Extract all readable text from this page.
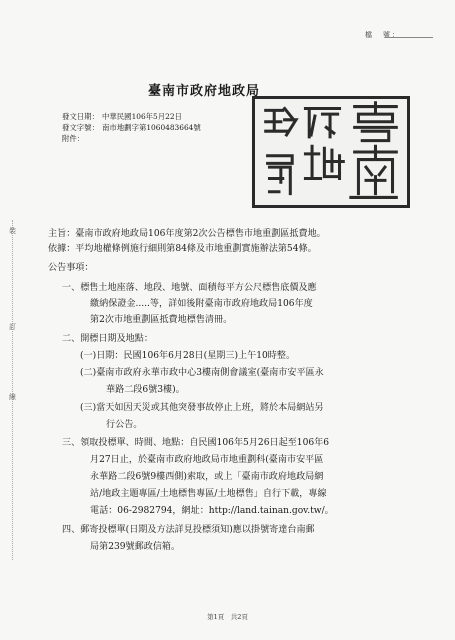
檔　號：
臺南市政府地政局
發文日期： 中華民國106年5月22日
發文字號： 南市地劃字第1060483664號
附件：
裝
訂
線
主旨：臺南市政府地政局106年度第2次公告標售市地重劃區抵費地。
依據：平均地權條例施行細則第84條及市地重劃實施辦法第54條。
公告事項：
一、標售土地座落、地段、地號、面積每平方公尺標售底價及應
繳納保證金.....等，詳如後附臺南市政府地政局106年度
第2次市地重劃區抵費地標售清冊。
二、開標日期及地點：
(一)日期：民國106年6月28日(星期三)上午10時整。
(二)臺南市政府永華市政中心3樓南側會議室(臺南市安平區永
華路二段6號3樓)。
(三)當天如因天災或其他突發事故停止上班，將於本局網站另
行公告。
三、領取投標單、時間、地點：自民國106年5月26日起至106年6
月27日止，於臺南市政府地政局市地重劃科(臺南市安平區
永華路二段6號9樓西側)索取，或上「臺南市政府地政局網
站/地政主題專區/土地標售專區/土地標售」自行下載，專線
電話：06-2982794，網址：http://land.tainan.gov.tw/。
四、郵寄投標單(日期及方法詳見投標須知)應以掛號寄達台南郵
局第239號郵政信箱。
第1頁　共2頁
